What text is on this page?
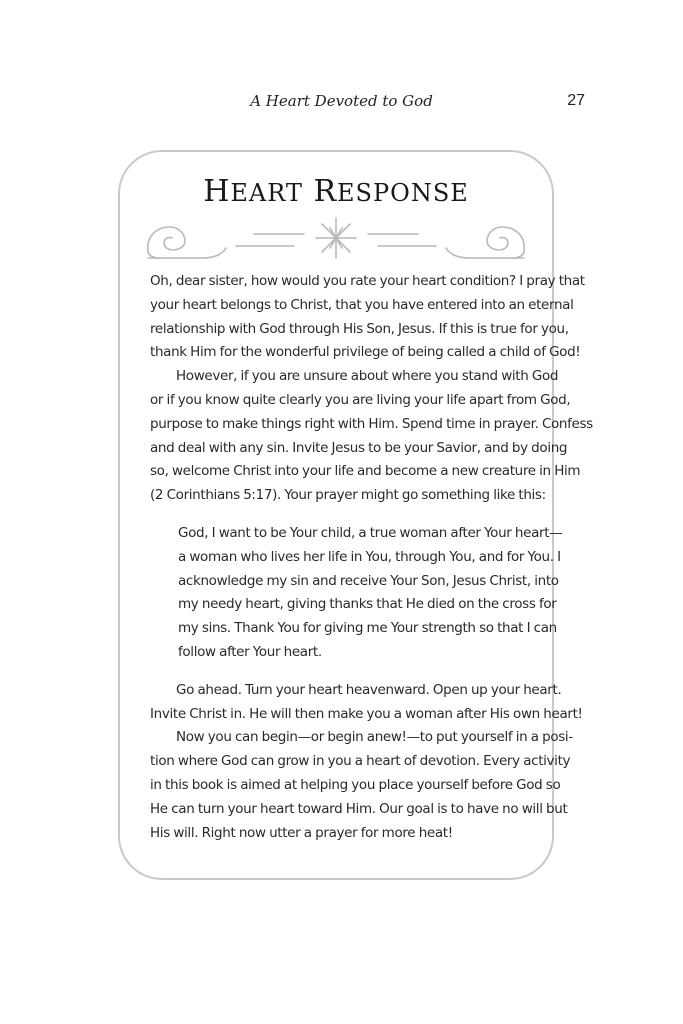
A Heart Devoted to God	27
HEART RESPONSE
Oh, dear sister, how would you rate your heart condition? I pray that
your heart belongs to Christ, that you have entered into an eternal
relationship with God through His Son, Jesus. If this is true for you,
thank Him for the wonderful privilege of being called a child of God!
However, if you are unsure about where you stand with God
or if you know quite clearly you are living your life apart from God,
purpose to make things right with Him. Spend time in prayer. Confess
and deal with any sin. Invite Jesus to be your Savior, and by doing
so, welcome Christ into your life and become a new creature in Him
(2 Corinthians 5:17). Your prayer might go something like this:
God, I want to be Your child, a true woman after Your heart—
a woman who lives her life in You, through You, and for You. I
acknowledge my sin and receive Your Son, Jesus Christ, into
my needy heart, giving thanks that He died on the cross for
my sins. Thank You for giving me Your strength so that I can
follow after Your heart.
Go ahead. Turn your heart heavenward. Open up your heart.
Invite Christ in. He will then make you a woman after His own heart!
Now you can begin—or begin anew!—to put yourself in a posi-
tion where God can grow in you a heart of devotion. Every activity
in this book is aimed at helping you place yourself before God so
He can turn your heart toward Him. Our goal is to have no will but
His will. Right now utter a prayer for more heat!
